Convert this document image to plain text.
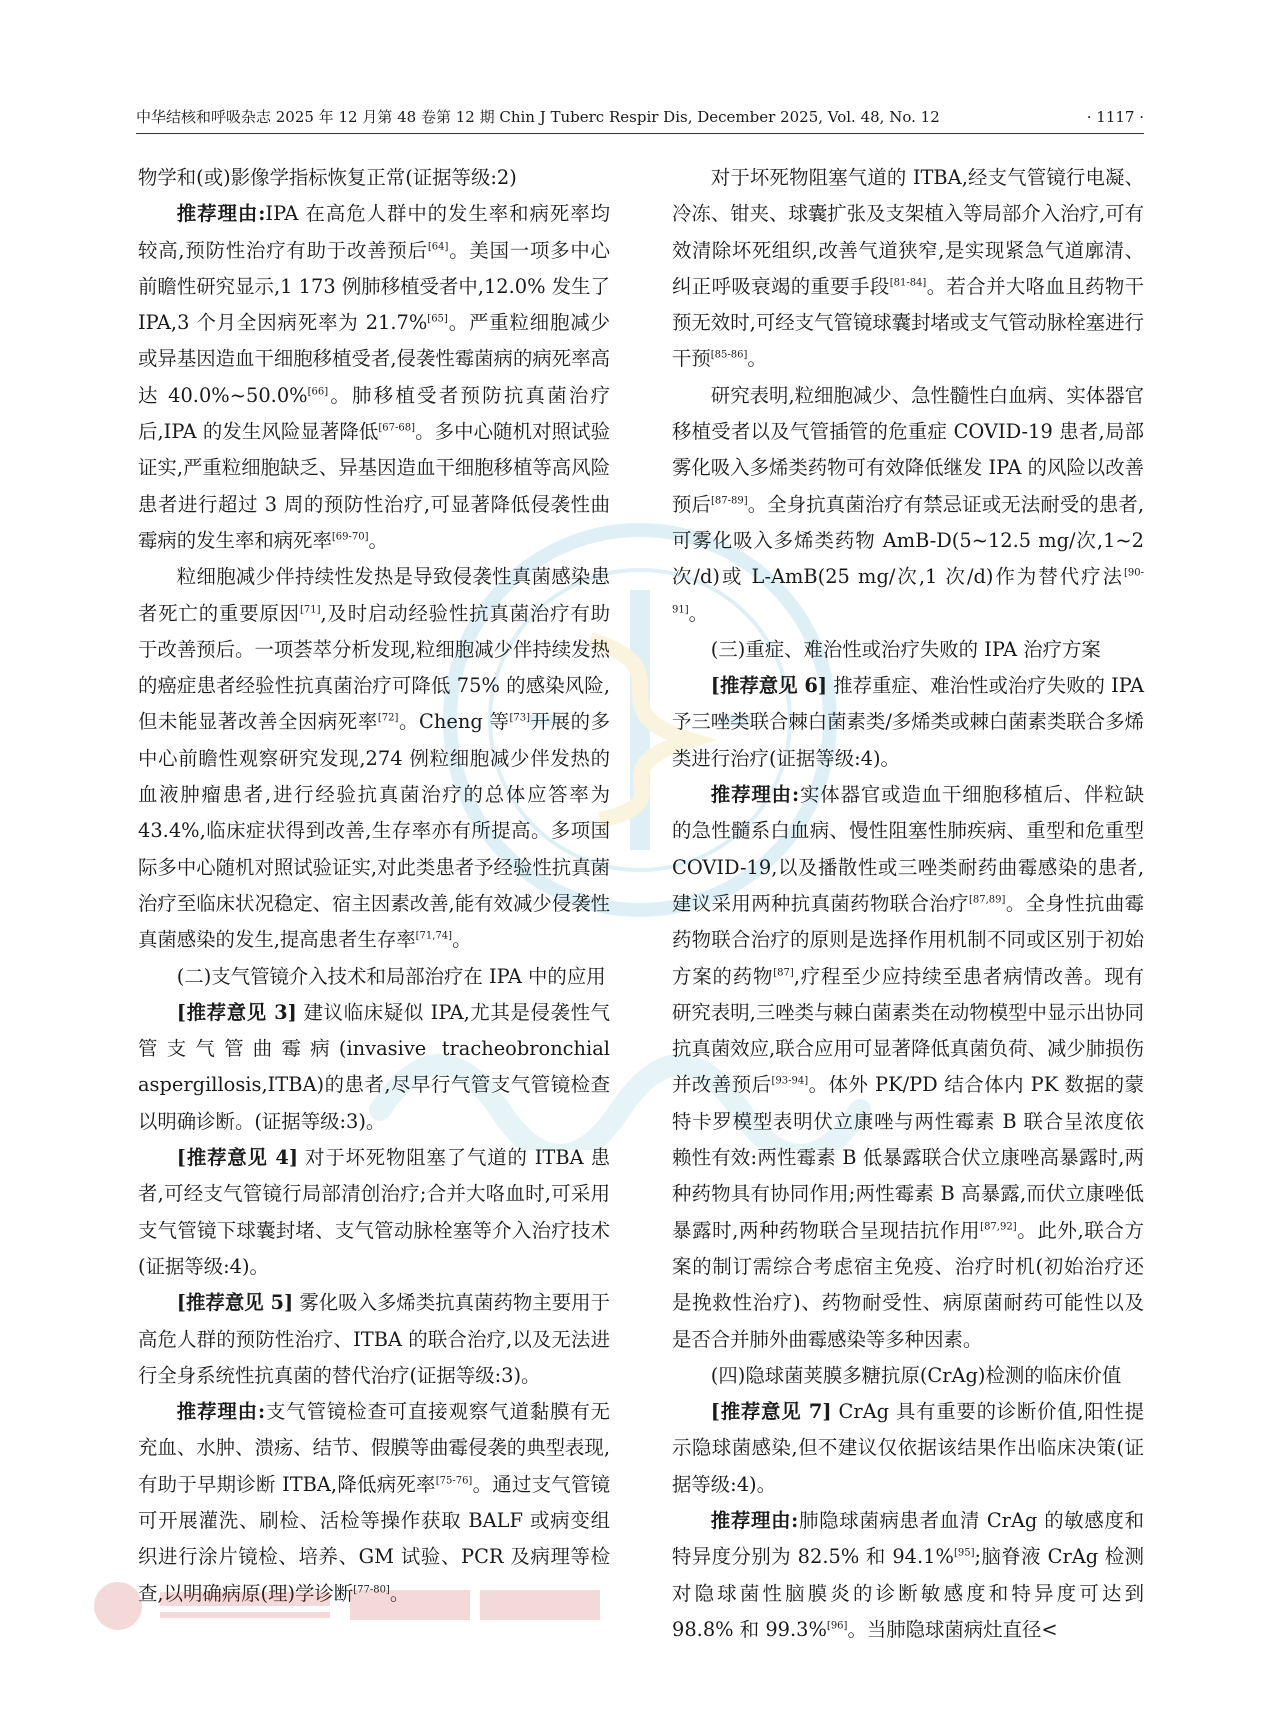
中华结核和呼吸杂志 2025 年 12 月第 48 卷第 12 期 Chin J Tuberc Respir Dis, December 2025, Vol. 48, No. 12	· 1117 ·

物学和(或)影像学指标恢复正常(证据等级:2)

推荐理由:IPA 在高危人群中的发生率和病死率均较高,预防性治疗有助于改善预后[64]。美国一项多中心前瞻性研究显示,1 173 例肺移植受者中,12.0% 发生了 IPA,3 个月全因病死率为 21.7%[65]。严重粒细胞减少或异基因造血干细胞移植受者,侵袭性霉菌病的病死率高达 40.0%~50.0%[66]。肺移植受者预防抗真菌治疗后,IPA 的发生风险显著降低[67-68]。多中心随机对照试验证实,严重粒细胞缺乏、异基因造血干细胞移植等高风险患者进行超过 3 周的预防性治疗,可显著降低侵袭性曲霉病的发生率和病死率[69-70]。

粒细胞减少伴持续性发热是导致侵袭性真菌感染患者死亡的重要原因[71],及时启动经验性抗真菌治疗有助于改善预后。一项荟萃分析发现,粒细胞减少伴持续发热的癌症患者经验性抗真菌治疗可降低 75% 的感染风险,但未能显著改善全因病死率[72]。Cheng 等[73]开展的多中心前瞻性观察研究发现,274 例粒细胞减少伴发热的血液肿瘤患者,进行经验抗真菌治疗的总体应答率为 43.4%,临床症状得到改善,生存率亦有所提高。多项国际多中心随机对照试验证实,对此类患者予经验性抗真菌治疗至临床状况稳定、宿主因素改善,能有效减少侵袭性真菌感染的发生,提高患者生存率[71,74]。

(二)支气管镜介入技术和局部治疗在 IPA 中的应用

[推荐意见 3] 建议临床疑似 IPA,尤其是侵袭性气管支气管曲霉病(invasive tracheobronchial aspergillosis,ITBA)的患者,尽早行气管支气管镜检查以明确诊断。(证据等级:3)。

[推荐意见 4] 对于坏死物阻塞了气道的 ITBA 患者,可经支气管镜行局部清创治疗;合并大咯血时,可采用支气管镜下球囊封堵、支气管动脉栓塞等介入治疗技术(证据等级:4)。

[推荐意见 5] 雾化吸入多烯类抗真菌药物主要用于高危人群的预防性治疗、ITBA 的联合治疗,以及无法进行全身系统性抗真菌的替代治疗(证据等级:3)。

推荐理由:支气管镜检查可直接观察气道黏膜有无充血、水肿、溃疡、结节、假膜等曲霉侵袭的典型表现,有助于早期诊断 ITBA,降低病死率[75-76]。通过支气管镜可开展灌洗、刷检、活检等操作获取 BALF 或病变组织进行涂片镜检、培养、GM 试验、PCR 及病理等检查,以明确病原(理)学诊断[77-80]。

对于坏死物阻塞气道的 ITBA,经支气管镜行电凝、冷冻、钳夹、球囊扩张及支架植入等局部介入治疗,可有效清除坏死组织,改善气道狭窄,是实现紧急气道廓清、纠正呼吸衰竭的重要手段[81-84]。若合并大咯血且药物干预无效时,可经支气管镜球囊封堵或支气管动脉栓塞进行干预[85-86]。

研究表明,粒细胞减少、急性髓性白血病、实体器官移植受者以及气管插管的危重症 COVID-19 患者,局部雾化吸入多烯类药物可有效降低继发 IPA 的风险以改善预后[87-89]。全身抗真菌治疗有禁忌证或无法耐受的患者,可雾化吸入多烯类药物 AmB-D(5~12.5 mg/次,1~2次/d)或 L-AmB(25 mg/次,1 次/d)作为替代疗法[90-91]。

(三)重症、难治性或治疗失败的 IPA 治疗方案

[推荐意见 6] 推荐重症、难治性或治疗失败的 IPA 予三唑类联合棘白菌素类/多烯类或棘白菌素类联合多烯类进行治疗(证据等级:4)。

推荐理由:实体器官或造血干细胞移植后、伴粒缺的急性髓系白血病、慢性阻塞性肺疾病、重型和危重型 COVID-19,以及播散性或三唑类耐药曲霉感染的患者,建议采用两种抗真菌药物联合治疗[87,89]。全身性抗曲霉药物联合治疗的原则是选择作用机制不同或区别于初始方案的药物[87],疗程至少应持续至患者病情改善。现有研究表明,三唑类与棘白菌素类在动物模型中显示出协同抗真菌效应,联合应用可显著降低真菌负荷、减少肺损伤并改善预后[93-94]。体外 PK/PD 结合体内 PK 数据的蒙特卡罗模型表明伏立康唑与两性霉素 B 联合呈浓度依赖性有效:两性霉素 B 低暴露联合伏立康唑高暴露时,两种药物具有协同作用;两性霉素 B 高暴露,而伏立康唑低暴露时,两种药物联合呈现拮抗作用[87,92]。此外,联合方案的制订需综合考虑宿主免疫、治疗时机(初始治疗还是挽救性治疗)、药物耐受性、病原菌耐药可能性以及是否合并肺外曲霉感染等多种因素。

(四)隐球菌荚膜多糖抗原(CrAg)检测的临床价值

[推荐意见 7] CrAg 具有重要的诊断价值,阳性提示隐球菌感染,但不建议仅依据该结果作出临床决策(证据等级:4)。

推荐理由:肺隐球菌病患者血清 CrAg 的敏感度和特异度分别为 82.5% 和 94.1%[95];脑脊液 CrAg 检测对隐球菌性脑膜炎的诊断敏感度和特异度可达到 98.8% 和 99.3%[96]。当肺隐球菌病灶直径<
